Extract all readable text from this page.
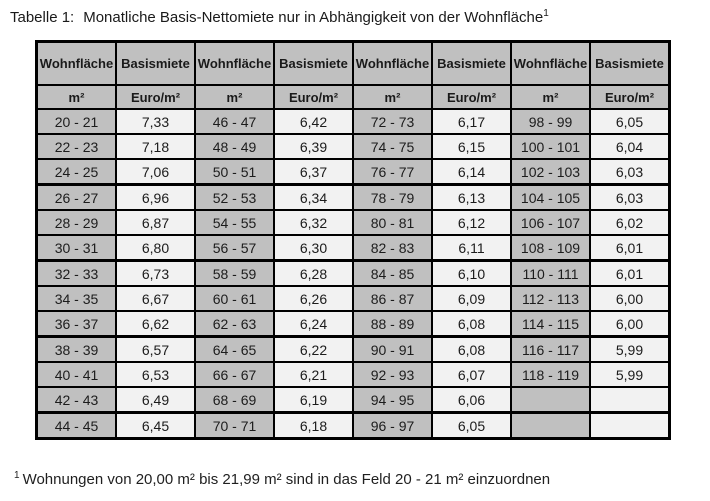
Tabelle 1: Monatliche Basis-Nettomiete nur in Abhängigkeit von der Wohnfläche$^1$
Wohnfläche	Basismiete	Wohnfläche	Basismiete	Wohnfläche	Basismiete	Wohnfläche	Basismiete
m²	Euro/m²	m²	Euro/m²	m²	Euro/m²	m²	Euro/m²
20 - 21	7,33	46 - 47	6,42	72 - 73	6,17	98 - 99	6,05
22 - 23	7,18	48 - 49	6,39	74 - 75	6,15	100 - 101	6,04
24 - 25	7,06	50 - 51	6,37	76 - 77	6,14	102 - 103	6,03
26 - 27	6,96	52 - 53	6,34	78 - 79	6,13	104 - 105	6,03
28 - 29	6,87	54 - 55	6,32	80 - 81	6,12	106 - 107	6,02
30 - 31	6,80	56 - 57	6,30	82 - 83	6,11	108 - 109	6,01
32 - 33	6,73	58 - 59	6,28	84 - 85	6,10	110 - 111	6,01
34 - 35	6,67	60 - 61	6,26	86 - 87	6,09	112 - 113	6,00
36 - 37	6,62	62 - 63	6,24	88 - 89	6,08	114 - 115	6,00
38 - 39	6,57	64 - 65	6,22	90 - 91	6,08	116 - 117	5,99
40 - 41	6,53	66 - 67	6,21	92 - 93	6,07	118 - 119	5,99
42 - 43	6,49	68 - 69	6,19	94 - 95	6,06		
44 - 45	6,45	70 - 71	6,18	96 - 97	6,05		
$^1$ Wohnungen von 20,00 m² bis 21,99 m² sind in das Feld 20 - 21 m² einzuordnen
